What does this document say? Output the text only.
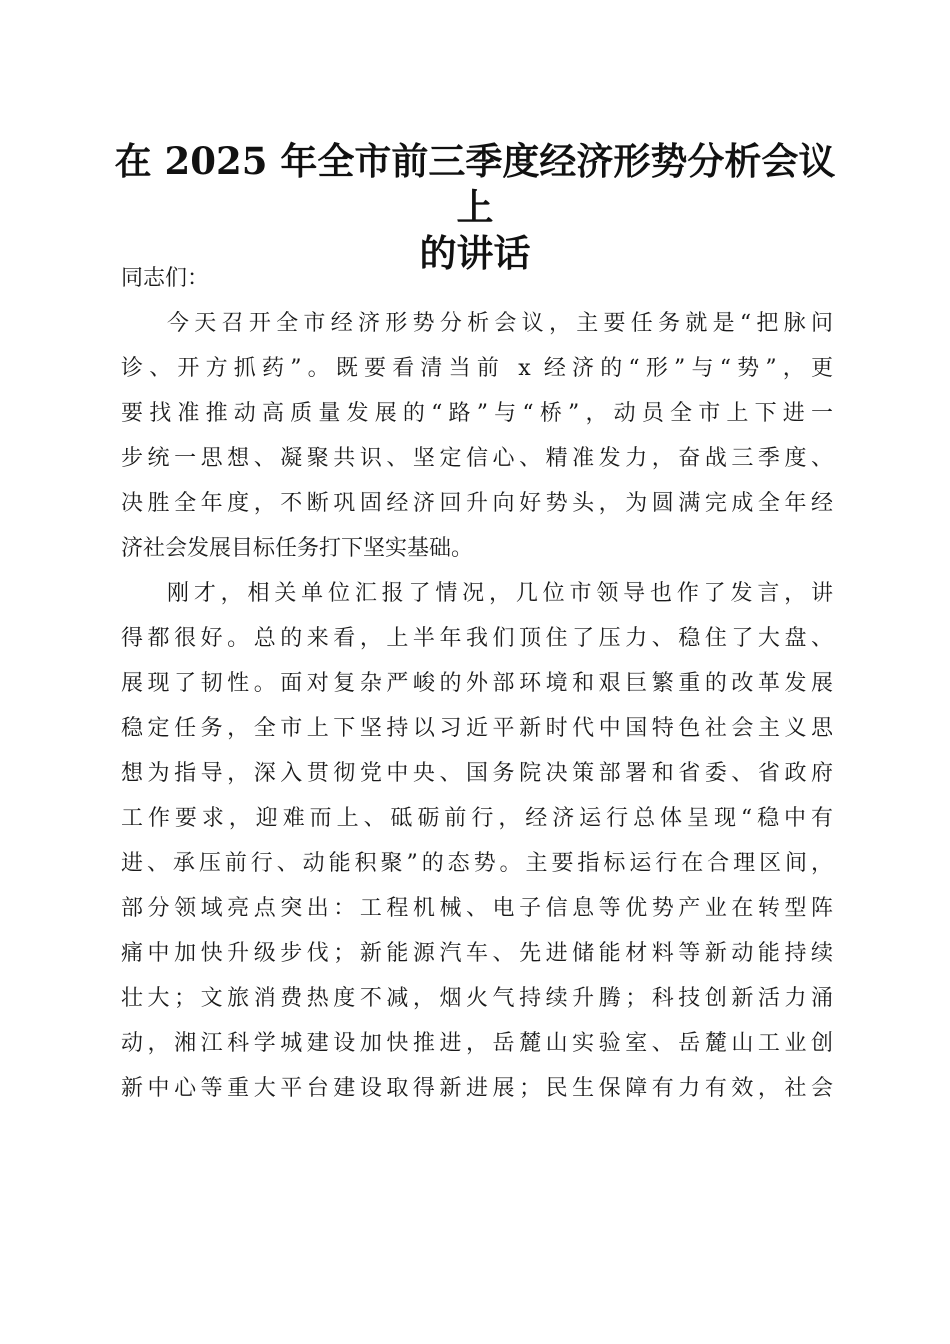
在 2025 年全市前三季度经济形势分析会议上
的讲话
同志们：
今天召开全市经济形势分析会议，主要任务就是“把脉问
诊、开方抓药”。既要看清当前 x 经济的“形”与“势”，更
要找准推动高质量发展的“路”与“桥”，动员全市上下进一
步统一思想、凝聚共识、坚定信心、精准发力，奋战三季度、
决胜全年度，不断巩固经济回升向好势头，为圆满完成全年经
济社会发展目标任务打下坚实基础。
刚才，相关单位汇报了情况，几位市领导也作了发言，讲
得都很好。总的来看，上半年我们顶住了压力、稳住了大盘、
展现了韧性。面对复杂严峻的外部环境和艰巨繁重的改革发展
稳定任务，全市上下坚持以习近平新时代中国特色社会主义思
想为指导，深入贯彻党中央、国务院决策部署和省委、省政府
工作要求，迎难而上、砥砺前行，经济运行总体呈现“稳中有
进、承压前行、动能积聚”的态势。主要指标运行在合理区间，
部分领域亮点突出：工程机械、电子信息等优势产业在转型阵
痛中加快升级步伐；新能源汽车、先进储能材料等新动能持续
壮大；文旅消费热度不减，烟火气持续升腾；科技创新活力涌
动，湘江科学城建设加快推进，岳麓山实验室、岳麓山工业创
新中心等重大平台建设取得新进展；民生保障有力有效，社会
